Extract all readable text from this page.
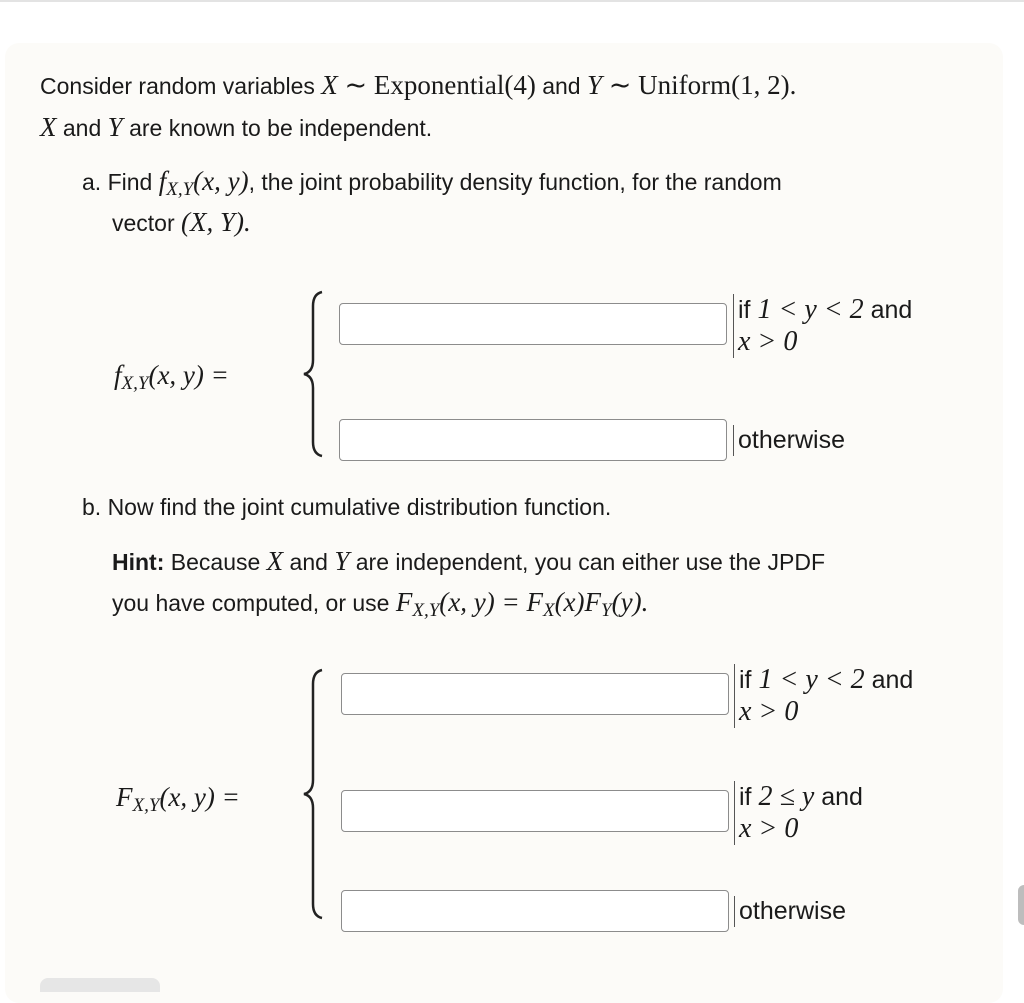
Consider random variables X ∼ Exponential(4) and Y ∼ Uniform(1, 2).
X and Y are known to be independent.
a. Find $f_{X,Y}(x$, y), the joint probability density function, for the random
vector (X, Y).
fX,Y(x, y) =
if 1 < y < 2 and
x > 0
otherwise
b. Now find the joint cumulative distribution function.
Hint: Because X and Y are independent, you can either use the JPDF
you have computed, or use $F_{X,Y}(x$, $y) = F_X(x)F_Y(y)$.
FX,Y(x, y) =
if 1 < y < 2 and
x > 0
if 2 ≤ y and
x > 0
otherwise
